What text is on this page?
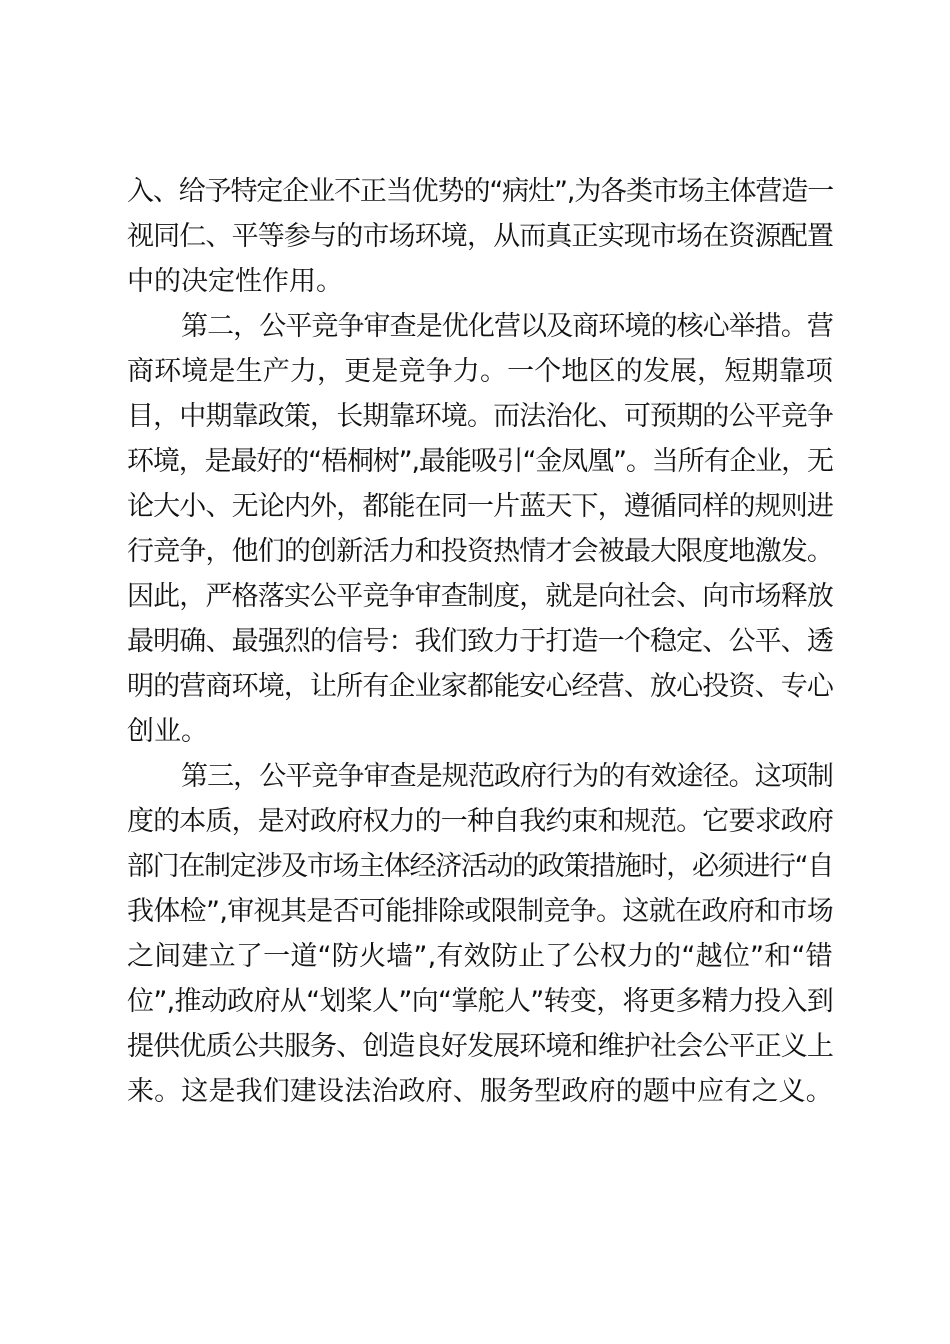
入、给予特定企业不正当优势的“病灶”,为各类市场主体营造一
视同仁、平等参与的市场环境，从而真正实现市场在资源配置
中的决定性作用。
第二，公平竞争审查是优化营以及商环境的核心举措。营
商环境是生产力，更是竞争力。一个地区的发展，短期靠项
目，中期靠政策，长期靠环境。而法治化、可预期的公平竞争
环境，是最好的“梧桐树”,最能吸引“金凤凰”。当所有企业，无
论大小、无论内外，都能在同一片蓝天下，遵循同样的规则进
行竞争，他们的创新活力和投资热情才会被最大限度地激发。
因此，严格落实公平竞争审查制度，就是向社会、向市场释放
最明确、最强烈的信号：我们致力于打造一个稳定、公平、透
明的营商环境，让所有企业家都能安心经营、放心投资、专心
创业。
第三，公平竞争审查是规范政府行为的有效途径。这项制
度的本质，是对政府权力的一种自我约束和规范。它要求政府
部门在制定涉及市场主体经济活动的政策措施时，必须进行“自
我体检”,审视其是否可能排除或限制竞争。这就在政府和市场
之间建立了一道“防火墙”,有效防止了公权力的“越位”和“错
位”,推动政府从“划桨人”向“掌舵人”转变，将更多精力投入到
提供优质公共服务、创造良好发展环境和维护社会公平正义上
来。这是我们建设法治政府、服务型政府的题中应有之义。
